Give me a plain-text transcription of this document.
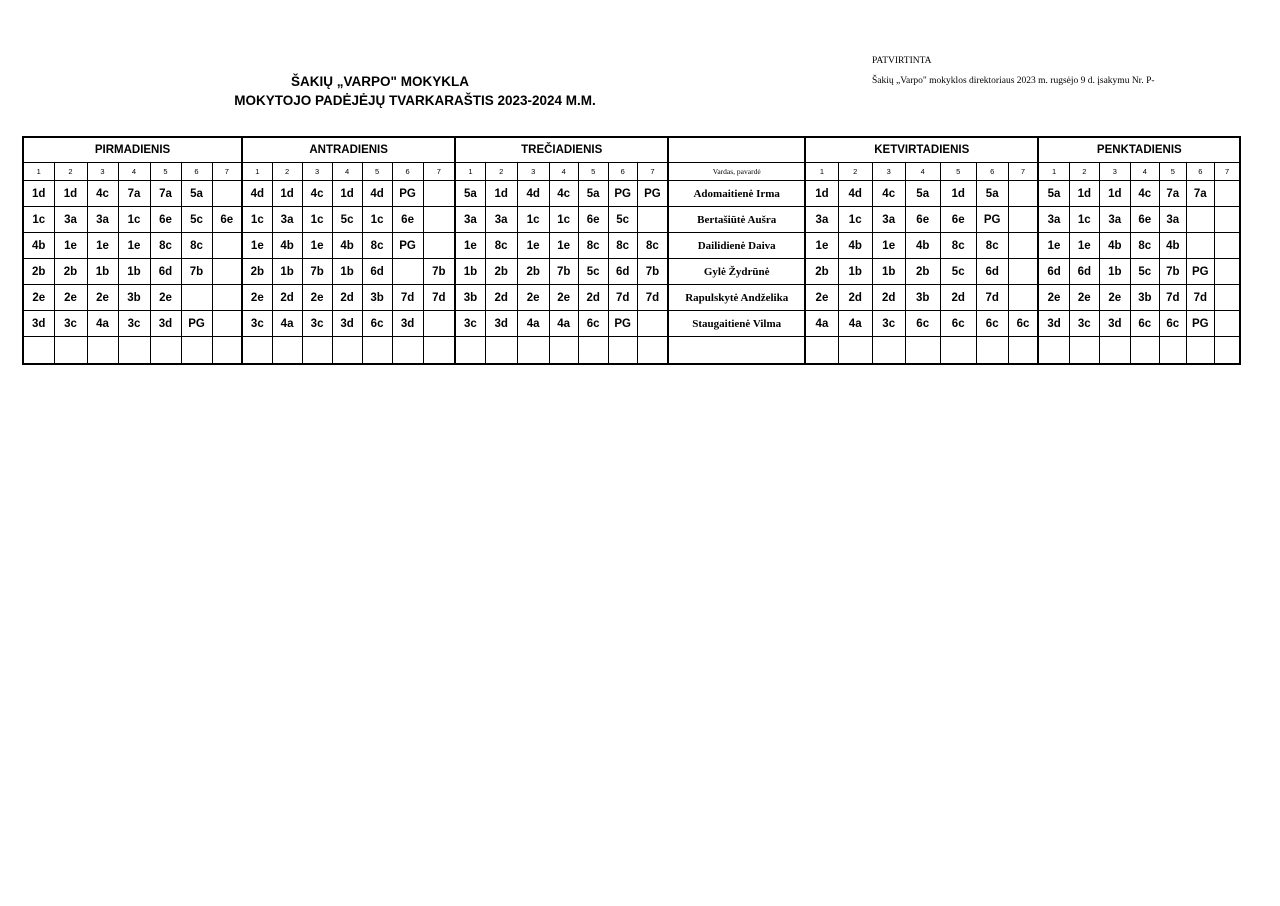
PATVIRTINTA
Šakių „Varpo" mokyklos direktoriaus 2023 m. rugsėjo 9 d. įsakymu Nr. P-
ŠAKIŲ „VARPO" MOKYKLA
MOKYTOJO PADĖJĖJŲ TVARKARAŠTIS 2023-2024 M.M.
PIRMADIENIS							ANTRADIENIS							TREČIADIENIS								KETVIRTADIENIS							PENKTADIENIS						
1	2	3	4	5	6	7	1	2	3	4	5	6	7	1	2	3	4	5	6	7	Vardas, pavardė	1	2	3	4	5	6	7	1	2	3	4	5	6	7
1d	1d	4c	7a	7a	5a		4d	1d	4c	1d	4d	PG		5a	1d	4d	4c	5a	PG	PG	Adomaitienė Irma	1d	4d	4c	5a	1d	5a		5a	1d	1d	4c	7a	7a	
1c	3a	3a	1c	6e	5c	6e	1c	3a	1c	5c	1c	6e		3a	3a	1c	1c	6e	5c		Bertašiūtė Aušra	3a	1c	3a	6e	6e	PG		3a	1c	3a	6e	3a		
4b	1e	1e	1e	8c	8c		1e	4b	1e	4b	8c	PG		1e	8c	1e	1e	8c	8c	8c	Dailidienė Daiva	1e	4b	1e	4b	8c	8c		1e	1e	4b	8c	4b		
2b	2b	1b	1b	6d	7b		2b	1b	7b	1b	6d		7b	1b	2b	2b	7b	5c	6d	7b	Gylė Žydrūnė	2b	1b	1b	2b	5c	6d		6d	6d	1b	5c	7b	PG	
2e	2e	2e	3b	2e			2e	2d	2e	2d	3b	7d	7d	3b	2d	2e	2e	2d	7d	7d	Rapulskytė Andželika	2e	2d	2d	3b	2d	7d		2e	2e	2e	3b	7d	7d	
3d	3c	4a	3c	3d	PG		3c	4a	3c	3d	6c	3d		3c	3d	4a	4a	6c	PG		Staugaitienė Vilma	4a	4a	3c	6c	6c	6c	6c	3d	3c	3d	6c	6c	PG	
